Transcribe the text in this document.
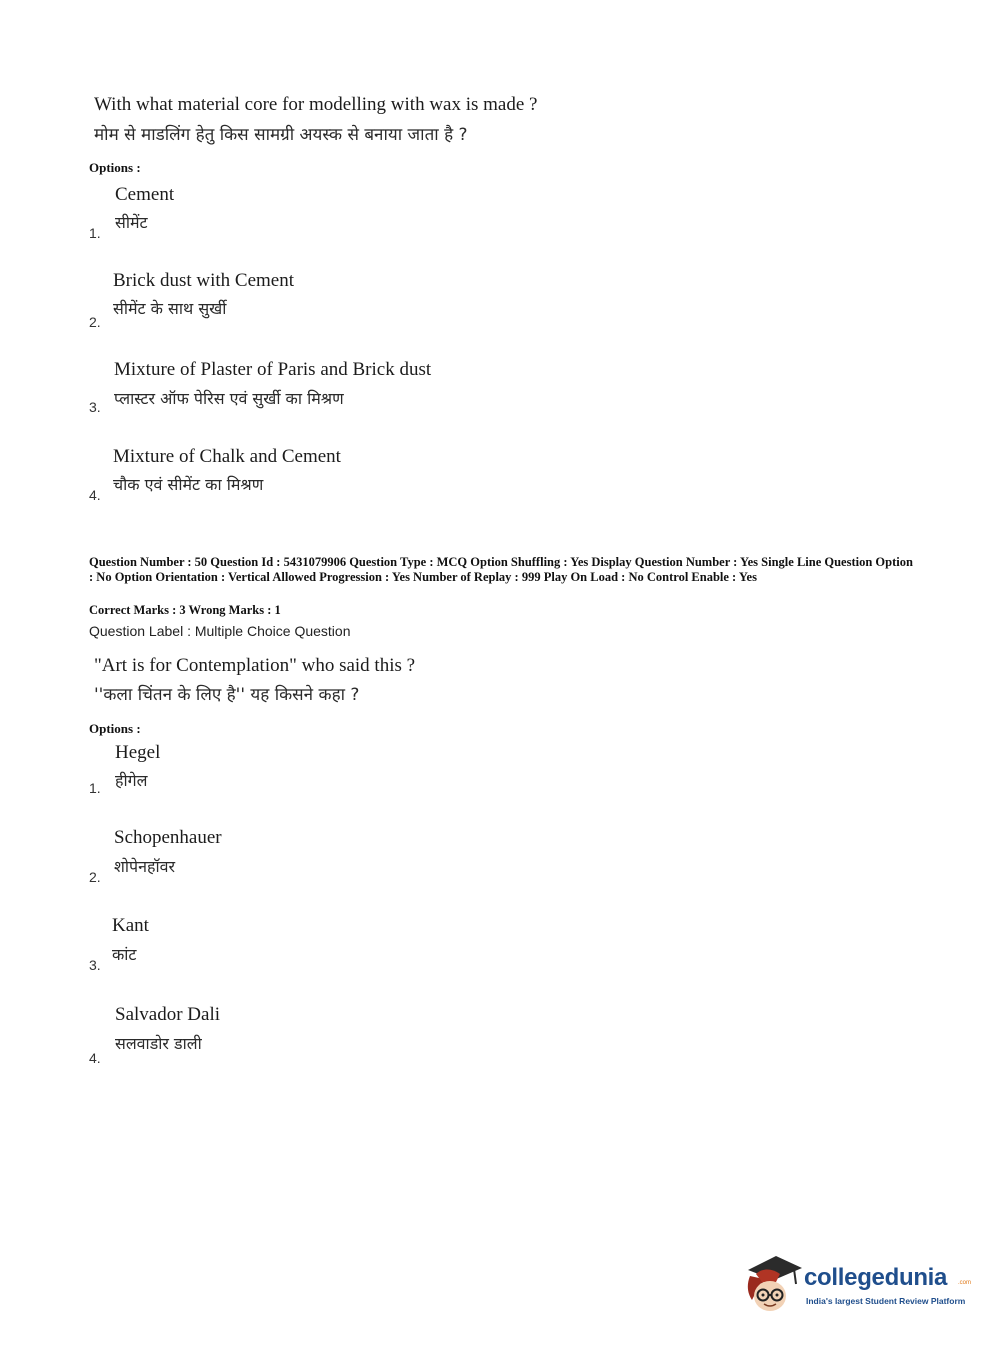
With what material core for modelling with wax is made ?
मोम से माडलिंग हेतु किस सामग्री अयस्क से बनाया जाता है ?
Options :
Cement
सीमेंट
1.
Brick dust with Cement
सीमेंट के साथ सुर्खी
2.
Mixture of Plaster of Paris and Brick dust
प्लास्टर ऑफ पेरिस एवं सुर्खी का मिश्रण
3.
Mixture of Chalk and Cement
चौक एवं सीमेंट का मिश्रण
4.
Question Number : 50 Question Id : 5431079906 Question Type : MCQ Option Shuffling : Yes Display Question Number : Yes Single Line Question Option : No Option Orientation : Vertical Allowed Progression : Yes Number of Replay : 999 Play On Load : No Control Enable : Yes
Correct Marks : 3 Wrong Marks : 1
Question Label : Multiple Choice Question
"Art is for Contemplation" who said this ?
''कला चिंतन के लिए है'' यह किसने कहा ?
Options :
Hegel
हीगेल
1.
Schopenhauer
शोपेनहॉवर
2.
Kant
कांट
3.
Salvador Dali
सलवाडोर डाली
4.
collegedunia .com
India's largest Student Review Platform
